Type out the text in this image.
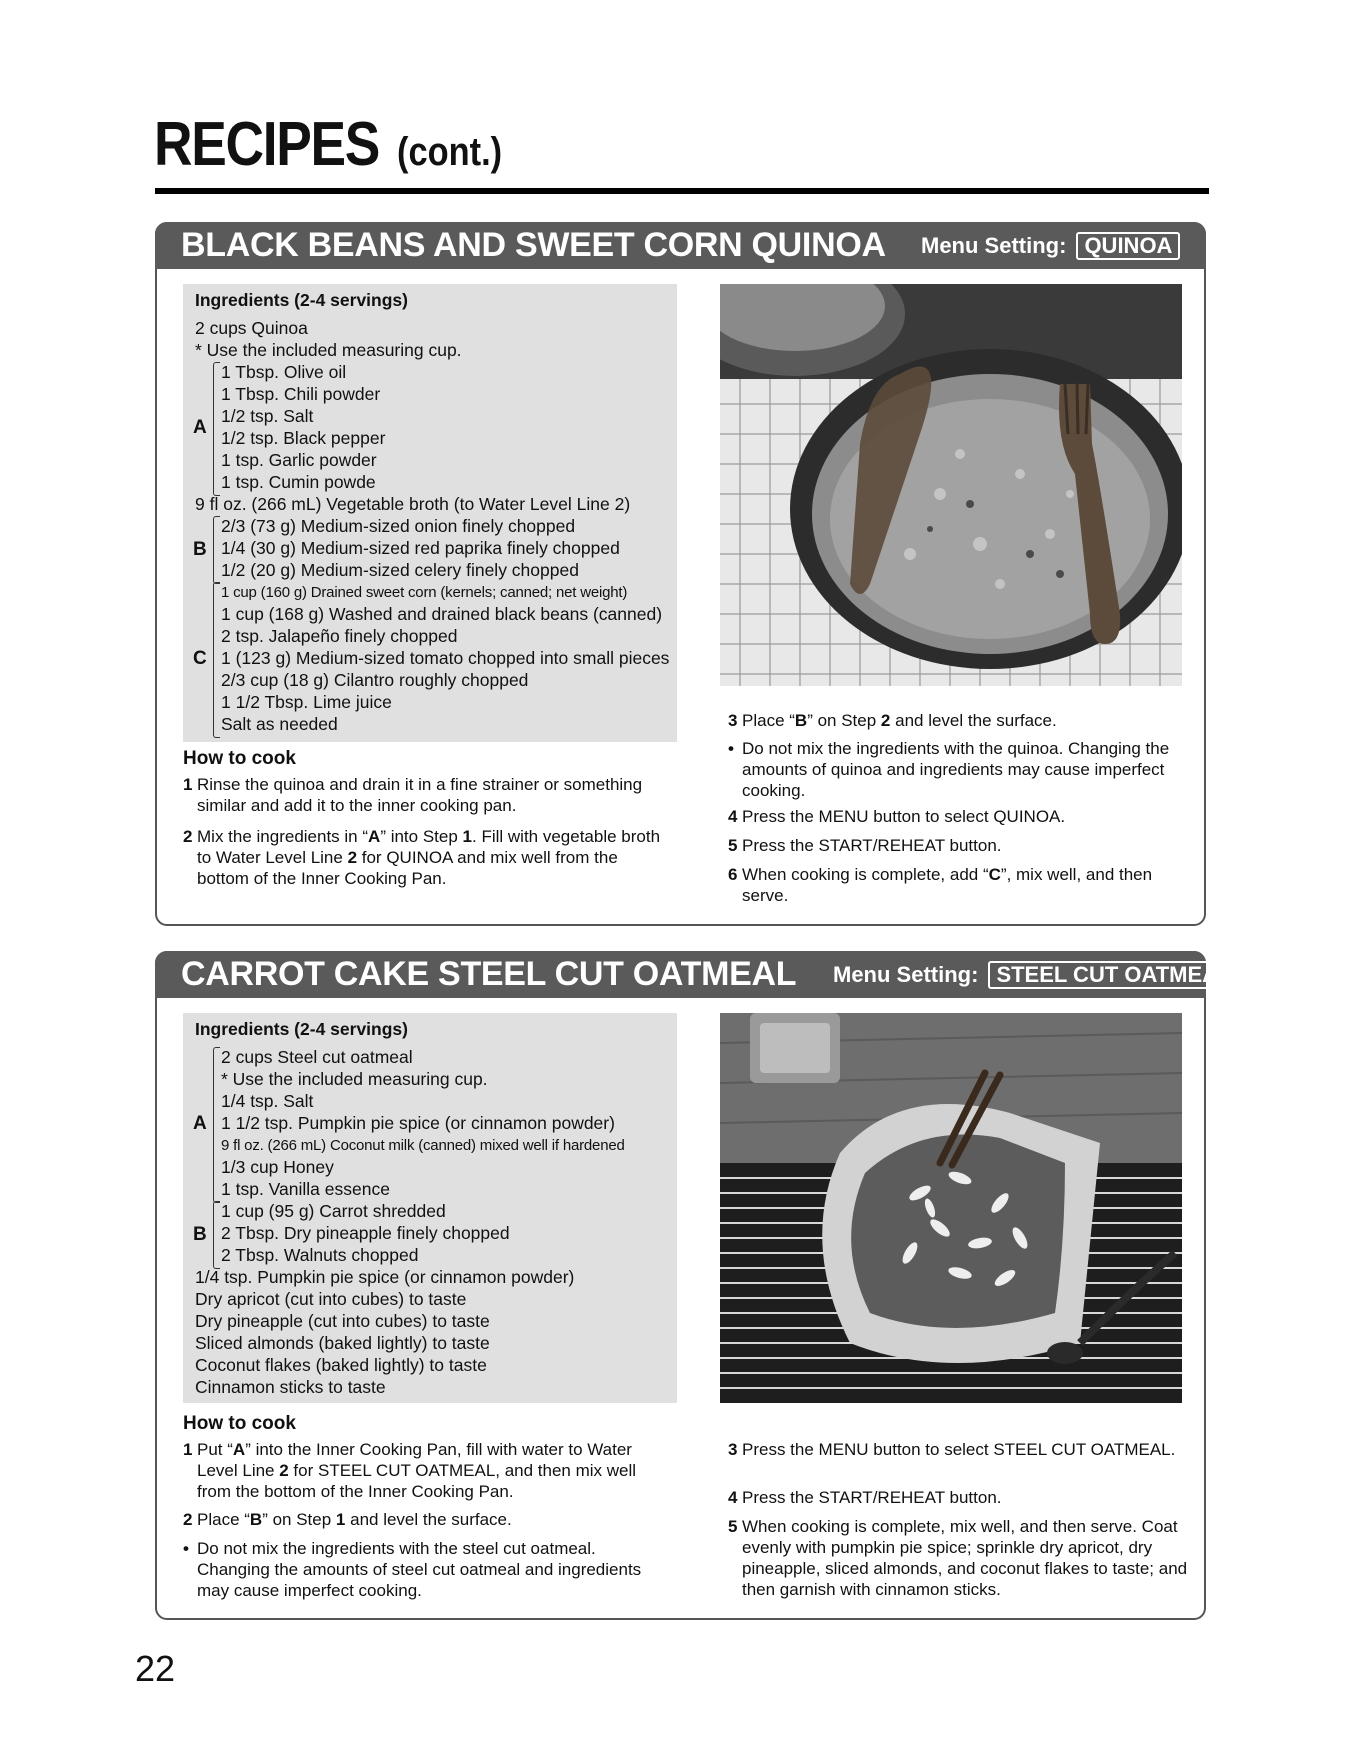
RECIPES (cont.)
BLACK BEANS AND SWEET CORN QUINOA Menu Setting: QUINOA
Ingredients (2-4 servings)
2 cups Quinoa
* Use the included measuring cup.
A
1 Tbsp. Olive oil
1 Tbsp. Chili powder
1/2 tsp. Salt
1/2 tsp. Black pepper
1 tsp. Garlic powder
1 tsp. Cumin powde
9 fl oz. (266 mL) Vegetable broth (to Water Level Line 2)
B
2/3 (73 g) Medium-sized onion finely chopped
1/4 (30 g) Medium-sized red paprika finely chopped
1/2 (20 g) Medium-sized celery finely chopped
C
1 cup (160 g) Drained sweet corn (kernels; canned; net weight)
1 cup (168 g) Washed and drained black beans (canned)
2 tsp. Jalapeño finely chopped
1 (123 g) Medium-sized tomato chopped into small pieces
2/3 cup (18 g) Cilantro roughly chopped
1 1/2 Tbsp. Lime juice
Salt as needed
How to cook
1 Rinse the quinoa and drain it in a fine strainer or something similar and add it to the inner cooking pan.
2 Mix the ingredients in “A” into Step 1. Fill with vegetable broth to Water Level Line 2 for QUINOA and mix well from the bottom of the Inner Cooking Pan.
3 Place “B” on Step 2 and level the surface.
• Do not mix the ingredients with the quinoa. Changing the amounts of quinoa and ingredients may cause imperfect cooking.
4 Press the MENU button to select QUINOA.
5 Press the START/REHEAT button.
6 When cooking is complete, add “C”, mix well, and then serve.
CARROT CAKE STEEL CUT OATMEAL Menu Setting: STEEL CUT OATMEAL
Ingredients (2-4 servings)
A
2 cups Steel cut oatmeal
* Use the included measuring cup.
1/4 tsp. Salt
1 1/2 tsp. Pumpkin pie spice (or cinnamon powder)
9 fl oz. (266 mL) Coconut milk (canned) mixed well if hardened
1/3 cup Honey
1 tsp. Vanilla essence
B
1 cup (95 g) Carrot shredded
2 Tbsp. Dry pineapple finely chopped
2 Tbsp. Walnuts chopped
1/4 tsp. Pumpkin pie spice (or cinnamon powder)
Dry apricot (cut into cubes) to taste
Dry pineapple (cut into cubes) to taste
Sliced almonds (baked lightly) to taste
Coconut flakes (baked lightly) to taste
Cinnamon sticks to taste
How to cook
1 Put “A” into the Inner Cooking Pan, fill with water to Water Level Line 2 for STEEL CUT OATMEAL, and then mix well from the bottom of the Inner Cooking Pan.
2 Place “B” on Step 1 and level the surface.
• Do not mix the ingredients with the steel cut oatmeal. Changing the amounts of steel cut oatmeal and ingredients may cause imperfect cooking.
3 Press the MENU button to select STEEL CUT OATMEAL.
4 Press the START/REHEAT button.
5 When cooking is complete, mix well, and then serve. Coat evenly with pumpkin pie spice; sprinkle dry apricot, dry pineapple, sliced almonds, and coconut flakes to taste; and then garnish with cinnamon sticks.
22
